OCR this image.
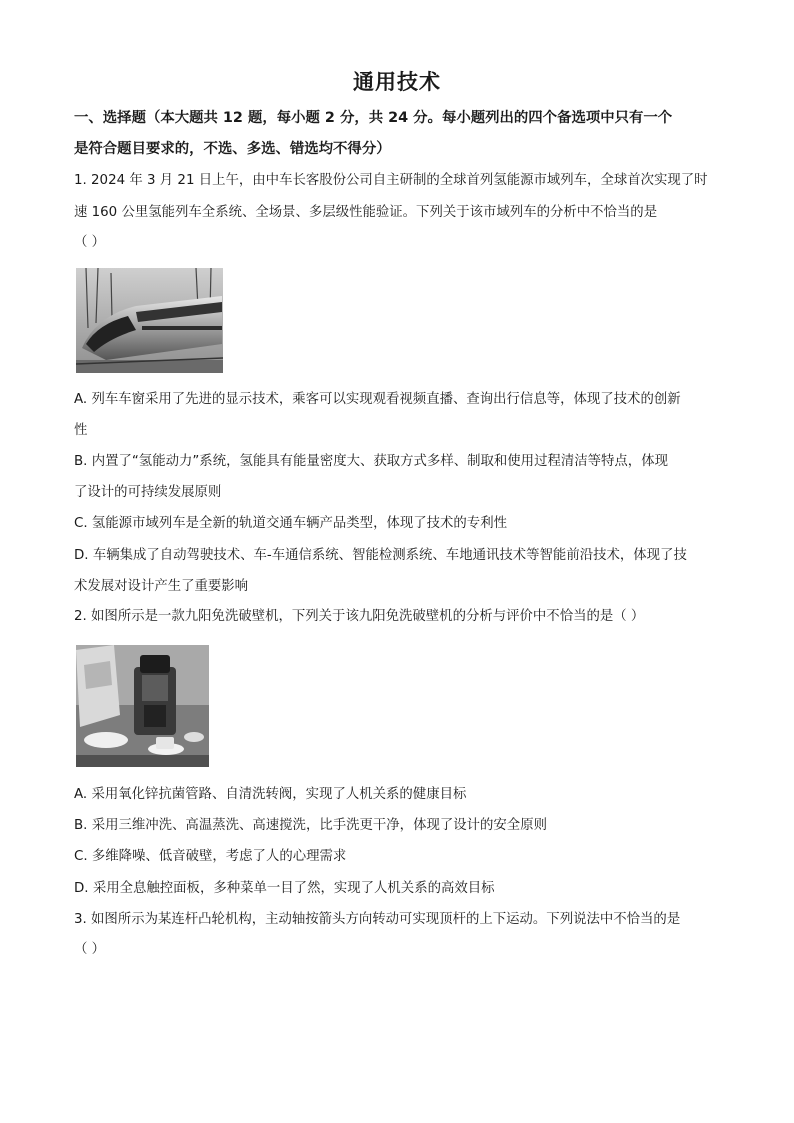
通用技术
一、选择题（本大题共 12 题，每小题 2 分，共 24 分。每小题列出的四个备选项中只有一个
是符合题目要求的，不选、多选、错选均不得分）
1. 2024 年 3 月 21 日上午，由中车长客股份公司自主研制的全球首列氢能源市域列车，全球首次实现了时
速 160 公里氢能列车全系统、全场景、多层级性能验证。下列关于该市域列车的分析中不恰当的是
（ ）
A. 列车车窗采用了先进的显示技术，乘客可以实现观看视频直播、查询出行信息等，体现了技术的创新
性
B. 内置了“氢能动力”系统，氢能具有能量密度大、获取方式多样、制取和使用过程清洁等特点，体现
了设计的可持续发展原则
C. 氢能源市域列车是全新的轨道交通车辆产品类型，体现了技术的专利性
D. 车辆集成了自动驾驶技术、车-车通信系统、智能检测系统、车地通讯技术等智能前沿技术，体现了技
术发展对设计产生了重要影响
2. 如图所示是一款九阳免洗破壁机，下列关于该九阳免洗破壁机的分析与评价中不恰当的是（ ）
A. 采用氧化锌抗菌管路、自清洗转阀，实现了人机关系的健康目标
B. 采用三维冲洗、高温蒸洗、高速搅洗，比手洗更干净，体现了设计的安全原则
C. 多维降噪、低音破壁，考虑了人的心理需求
D. 采用全息触控面板，多种菜单一目了然，实现了人机关系的高效目标
3. 如图所示为某连杆凸轮机构，主动轴按箭头方向转动可实现顶杆的上下运动。下列说法中不恰当的是
（ ）
